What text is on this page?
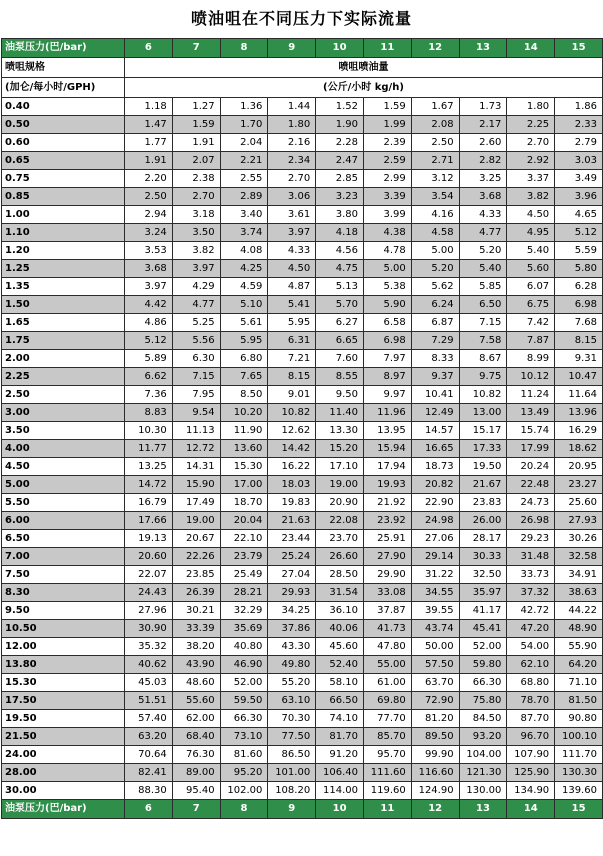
喷油咀在不同压力下实际流量
油泵压力(巴/bar)	6	7	8	9	10	11	12	13	14	15
喷咀规格	喷咀喷油量									
(加仑/每小时/GPH)	(公斤/小时 kg/h)									
0.40	1.18	1.27	1.36	1.44	1.52	1.59	1.67	1.73	1.80	1.86
0.50	1.47	1.59	1.70	1.80	1.90	1.99	2.08	2.17	2.25	2.33
0.60	1.77	1.91	2.04	2.16	2.28	2.39	2.50	2.60	2.70	2.79
0.65	1.91	2.07	2.21	2.34	2.47	2.59	2.71	2.82	2.92	3.03
0.75	2.20	2.38	2.55	2.70	2.85	2.99	3.12	3.25	3.37	3.49
0.85	2.50	2.70	2.89	3.06	3.23	3.39	3.54	3.68	3.82	3.96
1.00	2.94	3.18	3.40	3.61	3.80	3.99	4.16	4.33	4.50	4.65
1.10	3.24	3.50	3.74	3.97	4.18	4.38	4.58	4.77	4.95	5.12
1.20	3.53	3.82	4.08	4.33	4.56	4.78	5.00	5.20	5.40	5.59
1.25	3.68	3.97	4.25	4.50	4.75	5.00	5.20	5.40	5.60	5.80
1.35	3.97	4.29	4.59	4.87	5.13	5.38	5.62	5.85	6.07	6.28
1.50	4.42	4.77	5.10	5.41	5.70	5.90	6.24	6.50	6.75	6.98
1.65	4.86	5.25	5.61	5.95	6.27	6.58	6.87	7.15	7.42	7.68
1.75	5.12	5.56	5.95	6.31	6.65	6.98	7.29	7.58	7.87	8.15
2.00	5.89	6.30	6.80	7.21	7.60	7.97	8.33	8.67	8.99	9.31
2.25	6.62	7.15	7.65	8.15	8.55	8.97	9.37	9.75	10.12	10.47
2.50	7.36	7.95	8.50	9.01	9.50	9.97	10.41	10.82	11.24	11.64
3.00	8.83	9.54	10.20	10.82	11.40	11.96	12.49	13.00	13.49	13.96
3.50	10.30	11.13	11.90	12.62	13.30	13.95	14.57	15.17	15.74	16.29
4.00	11.77	12.72	13.60	14.42	15.20	15.94	16.65	17.33	17.99	18.62
4.50	13.25	14.31	15.30	16.22	17.10	17.94	18.73	19.50	20.24	20.95
5.00	14.72	15.90	17.00	18.03	19.00	19.93	20.82	21.67	22.48	23.27
5.50	16.79	17.49	18.70	19.83	20.90	21.92	22.90	23.83	24.73	25.60
6.00	17.66	19.00	20.04	21.63	22.08	23.92	24.98	26.00	26.98	27.93
6.50	19.13	20.67	22.10	23.44	23.70	25.91	27.06	28.17	29.23	30.26
7.00	20.60	22.26	23.79	25.24	26.60	27.90	29.14	30.33	31.48	32.58
7.50	22.07	23.85	25.49	27.04	28.50	29.90	31.22	32.50	33.73	34.91
8.30	24.43	26.39	28.21	29.93	31.54	33.08	34.55	35.97	37.32	38.63
9.50	27.96	30.21	32.29	34.25	36.10	37.87	39.55	41.17	42.72	44.22
10.50	30.90	33.39	35.69	37.86	40.06	41.73	43.74	45.41	47.20	48.90
12.00	35.32	38.20	40.80	43.30	45.60	47.80	50.00	52.00	54.00	55.90
13.80	40.62	43.90	46.90	49.80	52.40	55.00	57.50	59.80	62.10	64.20
15.30	45.03	48.60	52.00	55.20	58.10	61.00	63.70	66.30	68.80	71.10
17.50	51.51	55.60	59.50	63.10	66.50	69.80	72.90	75.80	78.70	81.50
19.50	57.40	62.00	66.30	70.30	74.10	77.70	81.20	84.50	87.70	90.80
21.50	63.20	68.40	73.10	77.50	81.70	85.70	89.50	93.20	96.70	100.10
24.00	70.64	76.30	81.60	86.50	91.20	95.70	99.90	104.00	107.90	111.70
28.00	82.41	89.00	95.20	101.00	106.40	111.60	116.60	121.30	125.90	130.30
30.00	88.30	95.40	102.00	108.20	114.00	119.60	124.90	130.00	134.90	139.60
油泵压力(巴/bar)	6	7	8	9	10	11	12	13	14	15
